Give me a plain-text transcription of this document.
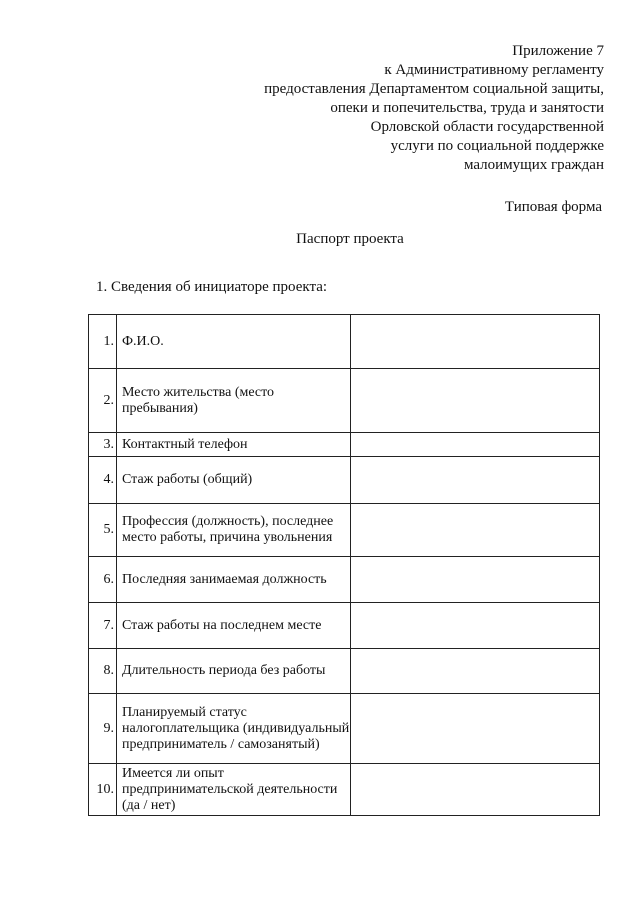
Приложение 7
к Административному регламенту
предоставления Департаментом социальной защиты,
опеки и попечительства, труда и занятости
Орловской области государственной
услуги по социальной поддержке
малоимущих граждан
Типовая форма
Паспорт проекта
1. Сведения об инициаторе проекта:
1.	Ф.И.О.	
2.	Место жительства (место пребывания)	
3.	Контактный телефон	
4.	Стаж работы (общий)	
5.	Профессия (должность), последнее место работы, причина увольнения	
6.	Последняя занимаемая должность	
7.	Стаж работы на последнем месте	
8.	Длительность периода без работы	
9.	Планируемый статус налогоплательщика (индивидуальный предприниматель / самозанятый)	
10.	Имеется ли опыт предпринимательской деятельности (да / нет)	
